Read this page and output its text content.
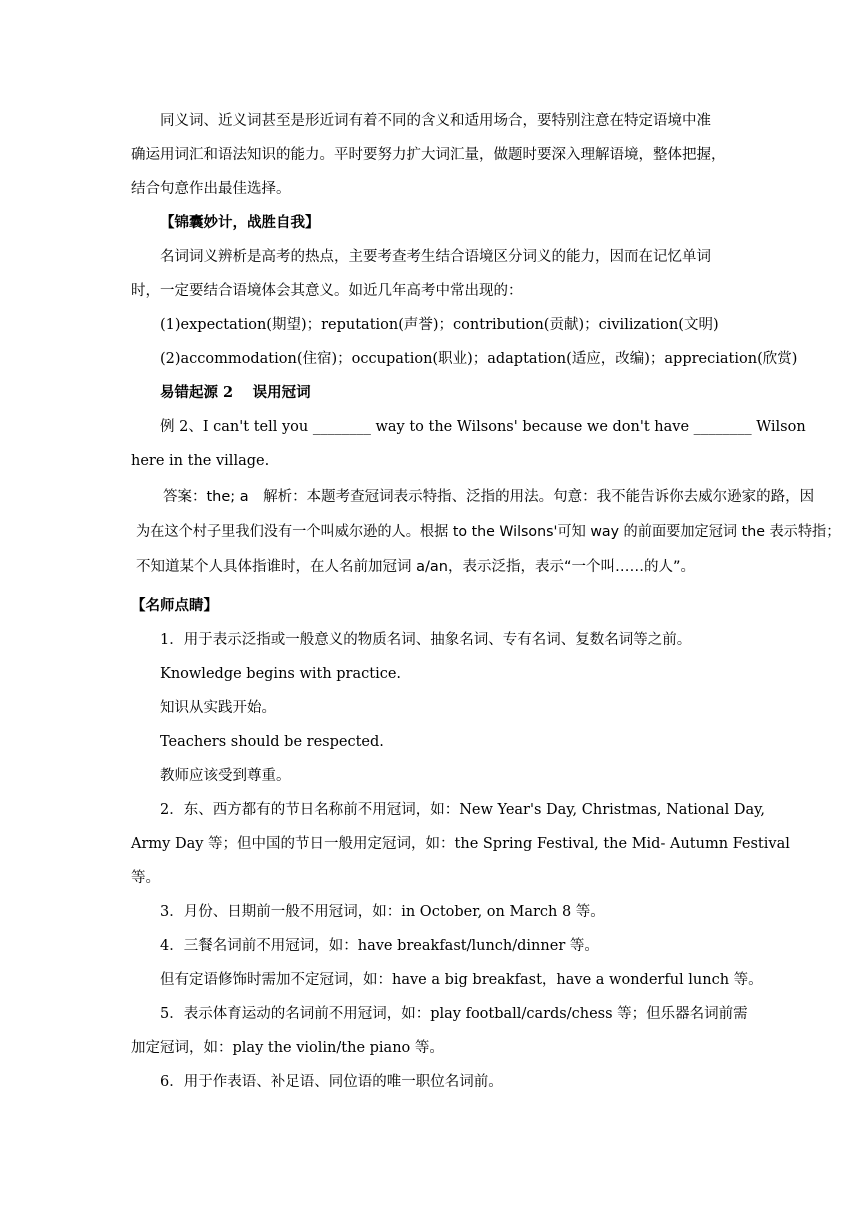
同义词、近义词甚至是形近词有着不同的含义和适用场合，要特别注意在特定语境中准
确运用词汇和语法知识的能力。平时要努力扩大词汇量，做题时要深入理解语境，整体把握，
结合句意作出最佳选择。
【锦囊妙计，战胜自我】
名词词义辨析是高考的热点，主要考查考生结合语境区分词义的能力，因而在记忆单词
时，一定要结合语境体会其意义。如近几年高考中常出现的：
(1)expectation(期望)；reputation(声誉)；contribution(贡献)；civilization(文明)
(2)accommodation(住宿)；occupation(职业)；adaptation(适应，改编)；appreciation(欣赏)
易错起源 2　 误用冠词
例 2、I can't tell you ________ way to the Wilsons' because we don't have ________ Wilson
here in the village.
答案：the; a　解析：本题考查冠词表示特指、泛指的用法。句意：我不能告诉你去威尔逊家的路，因
为在这个村子里我们没有一个叫威尔逊的人。根据 to the Wilsons'可知 way 的前面要加定冠词 the 表示特指；
不知道某个人具体指谁时，在人名前加冠词 a/an，表示泛指，表示“一个叫……的人”。
【名师点睛】
1．用于表示泛指或一般意义的物质名词、抽象名词、专有名词、复数名词等之前。
Knowledge begins with practice.
知识从实践开始。
Teachers should be respected.
教师应该受到尊重。
2．东、西方都有的节日名称前不用冠词，如：New Year's Day, Christmas, National Day,
Army Day 等；但中国的节日一般用定冠词，如：the Spring Festival, the Mid- Autumn Festival
等。
3．月份、日期前一般不用冠词，如：in October, on March 8 等。
4．三餐名词前不用冠词，如：have breakfast/lunch/dinner 等。
但有定语修饰时需加不定冠词，如：have a big breakfast，have a wonderful lunch 等。
5．表示体育运动的名词前不用冠词，如：play football/cards/chess 等；但乐器名词前需
加定冠词，如：play the violin/the piano 等。
6．用于作表语、补足语、同位语的唯一职位名词前。
